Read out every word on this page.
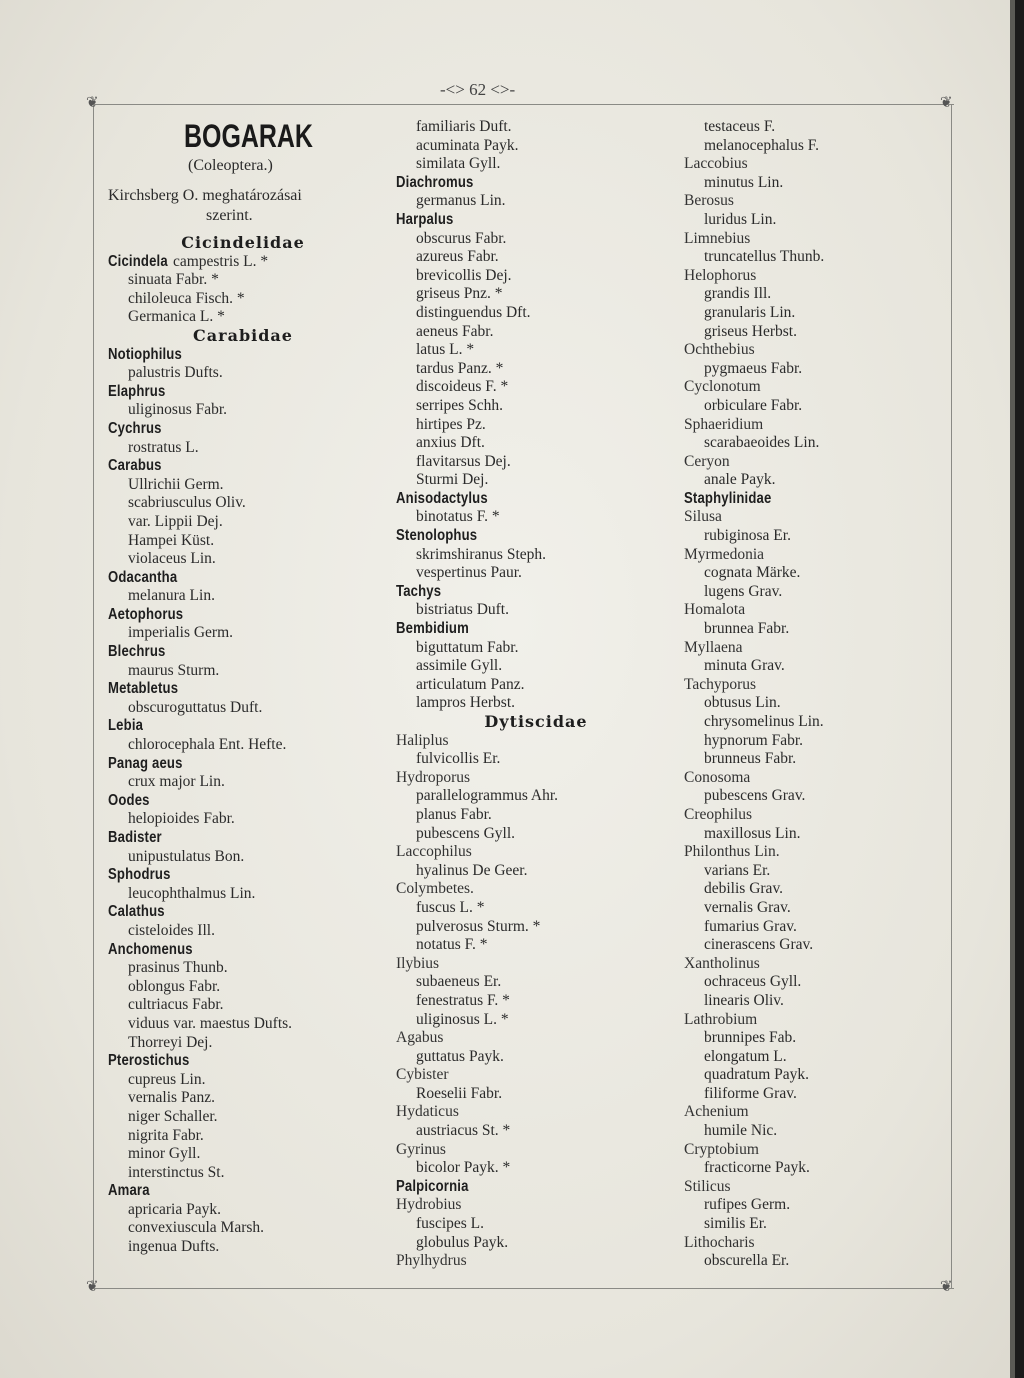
❦	❦
❦	❦
-<> 62 <>-
BOGARAK
(Coleoptera.)
Kirchsberg O. meghatározásai
szerint.
Cicindelidae
Cicindela campestris L. *
sinuata Fabr. *
chiloleuca Fisch. *
Germanica L. *
Carabidae
Notiophilus
palustris Dufts.
Elaphrus
uliginosus Fabr.
Cychrus
rostratus L.
Carabus
Ullrichii Germ.
scabriusculus Oliv.
var. Lippii Dej.
Hampei Küst.
violaceus Lin.
Odacantha
melanura Lin.
Aetophorus
imperialis Germ.
Blechrus
maurus Sturm.
Metabletus
obscuroguttatus Duft.
Lebia
chlorocephala Ent. Hefte.
Panag aeus
crux major Lin.
Oodes
helopioides Fabr.
Badister
unipustulatus Bon.
Sphodrus
leucophthalmus Lin.
Calathus
cisteloides Ill.
Anchomenus
prasinus Thunb.
oblongus Fabr.
cultriacus Fabr.
viduus var. maestus Dufts.
Thorreyi Dej.
Pterostichus
cupreus Lin.
vernalis Panz.
niger Schaller.
nigrita Fabr.
minor Gyll.
interstinctus St.
Amara
apricaria Payk.
convexiuscula Marsh.
ingenua Dufts.
familiaris Duft.
acuminata Payk.
similata Gyll.
Diachromus
germanus Lin.
Harpalus
obscurus Fabr.
azureus Fabr.
brevicollis Dej.
griseus Pnz. *
distinguendus Dft.
aeneus Fabr.
latus L. *
tardus Panz. *
discoideus F. *
serripes Schh.
hirtipes Pz.
anxius Dft.
flavitarsus Dej.
Sturmi Dej.
Anisodactylus
binotatus F. *
Stenolophus
skrimshiranus Steph.
vespertinus Paur.
Tachys
bistriatus Duft.
Bembidium
biguttatum Fabr.
assimile Gyll.
articulatum Panz.
lampros Herbst.
Dytiscidae
Haliplus
fulvicollis Er.
Hydroporus
parallelogrammus Ahr.
planus Fabr.
pubescens Gyll.
Laccophilus
hyalinus De Geer.
Colymbetes.
fuscus L. *
pulverosus Sturm. *
notatus F. *
Ilybius
subaeneus Er.
fenestratus F. *
uliginosus L. *
Agabus
guttatus Payk.
Cybister
Roeselii Fabr.
Hydaticus
austriacus St. *
Gyrinus
bicolor Payk. *
Palpicornia
Hydrobius
fuscipes L.
globulus Payk.
Phylhydrus
testaceus F.
melanocephalus F.
Laccobius
minutus Lin.
Berosus
luridus Lin.
Limnebius
truncatellus Thunb.
Helophorus
grandis Ill.
granularis Lin.
griseus Herbst.
Ochthebius
pygmaeus Fabr.
Cyclonotum
orbiculare Fabr.
Sphaeridium
scarabaeoides Lin.
Ceryon
anale Payk.
Staphylinidae
Silusa
rubiginosa Er.
Myrmedonia
cognata Märke.
lugens Grav.
Homalota
brunnea Fabr.
Myllaena
minuta Grav.
Tachyporus
obtusus Lin.
chrysomelinus Lin.
hypnorum Fabr.
brunneus Fabr.
Conosoma
pubescens Grav.
Creophilus
maxillosus Lin.
Philonthus Lin.
varians Er.
debilis Grav.
vernalis Grav.
fumarius Grav.
cinerascens Grav.
Xantholinus
ochraceus Gyll.
linearis Oliv.
Lathrobium
brunnipes Fab.
elongatum L.
quadratum Payk.
filiforme Grav.
Achenium
humile Nic.
Cryptobium
fracticorne Payk.
Stilicus
rufipes Germ.
similis Er.
Lithocharis
obscurella Er.
